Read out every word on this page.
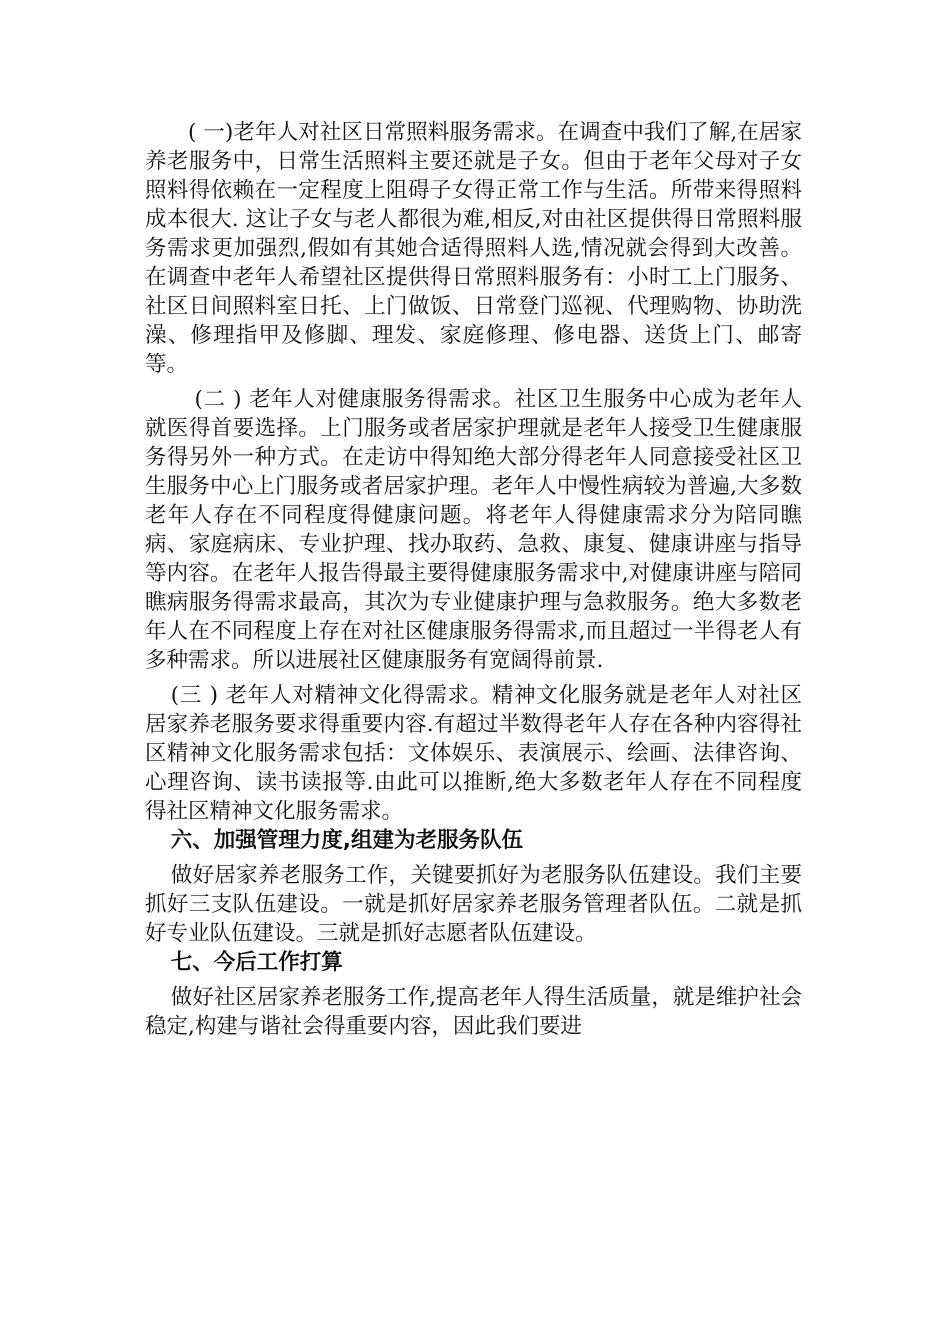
( 一)老年人对社区日常照料服务需求。在调查中我们了解,在居家养老服务中，日常生活照料主要还就是子女。但由于老年父母对子女照料得依赖在一定程度上阻碍子女得正常工作与生活。所带来得照料成本很大. 这让子女与老人都很为难,相反,对由社区提供得日常照料服务需求更加强烈,假如有其她合适得照料人选,情况就会得到大改善。在调查中老年人希望社区提供得日常照料服务有：小时工上门服务、社区日间照料室日托、上门做饭、日常登门巡视、代理购物、协助洗澡、修理指甲及修脚、理发、家庭修理、修电器、送货上门、邮寄等。

(二 ) 老年人对健康服务得需求。社区卫生服务中心成为老年人就医得首要选择。上门服务或者居家护理就是老年人接受卫生健康服务得另外一种方式。在走访中得知绝大部分得老年人同意接受社区卫生服务中心上门服务或者居家护理。老年人中慢性病较为普遍,大多数老年人存在不同程度得健康问题。将老年人得健康需求分为陪同瞧病、家庭病床、专业护理、找办取药、急救、康复、健康讲座与指导等内容。在老年人报告得最主要得健康服务需求中,对健康讲座与陪同瞧病服务得需求最高，其次为专业健康护理与急救服务。绝大多数老年人在不同程度上存在对社区健康服务得需求,而且超过一半得老人有多种需求。所以进展社区健康服务有宽阔得前景.

(三 ) 老年人对精神文化得需求。精神文化服务就是老年人对社区居家养老服务要求得重要内容.有超过半数得老年人存在各种内容得社区精神文化服务需求包括：文体娱乐、表演展示、绘画、法律咨询、心理咨询、读书读报等.由此可以推断,绝大多数老年人存在不同程度得社区精神文化服务需求。

六、加强管理力度,组建为老服务队伍

做好居家养老服务工作，关键要抓好为老服务队伍建设。我们主要抓好三支队伍建设。一就是抓好居家养老服务管理者队伍。二就是抓好专业队伍建设。三就是抓好志愿者队伍建设。

七、今后工作打算

做好社区居家养老服务工作,提高老年人得生活质量，就是维护社会稳定,构建与谐社会得重要内容，因此我们要进
